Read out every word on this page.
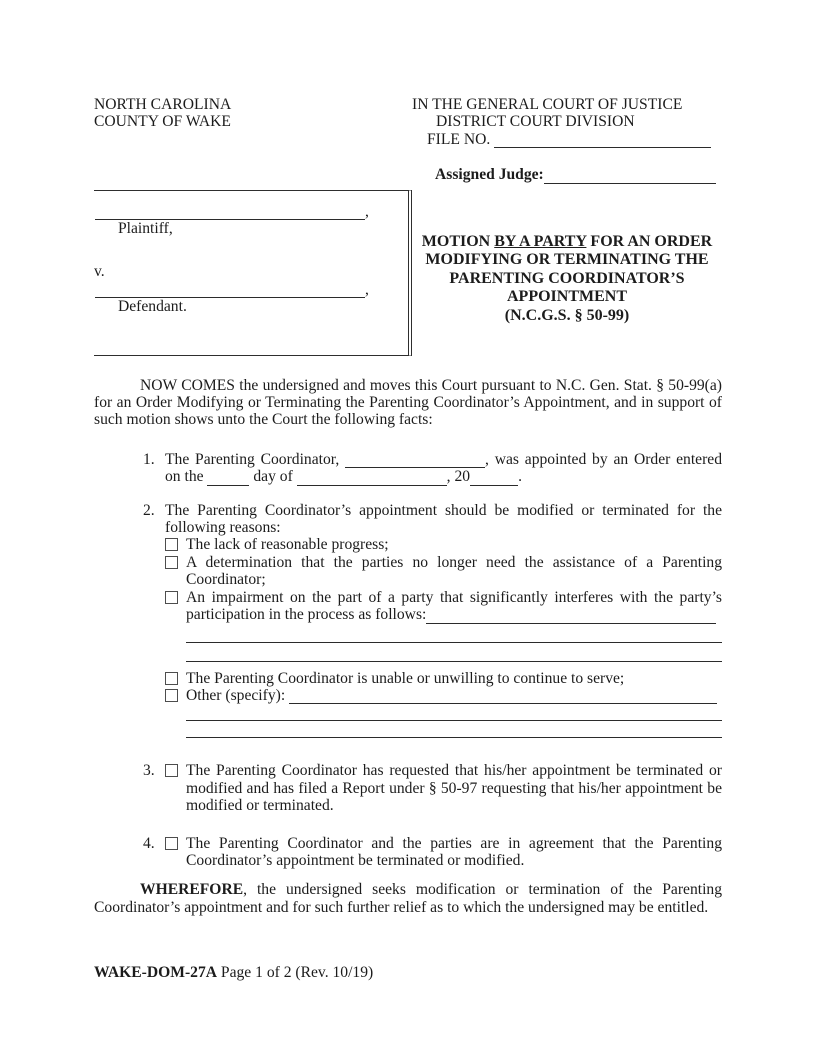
NORTH CAROLINA
COUNTY OF WAKE
IN THE GENERAL COURT OF JUSTICE
DISTRICT COURT DIVISION
FILE NO.
Assigned Judge:
,
Plaintiff,
v.
,
Defendant.
MOTION BY A PARTY FOR AN ORDER
MODIFYING OR TERMINATING THE
PARENTING COORDINATOR’S
APPOINTMENT
(N.C.G.S. § 50-99)
NOW COMES the undersigned and moves this Court pursuant to N.C. Gen. Stat. § 50-99(a) for an Order Modifying or Terminating the Parenting Coordinator’s Appointment, and in support of such motion shows unto the Court the following facts:
1. The Parenting Coordinator,	, was appointed by an Order entered on the	day of	, 20	.
2. The Parenting Coordinator’s appointment should be modified or terminated for the following reasons:
The lack of reasonable progress;
A determination that the parties no longer need the assistance of a Parenting Coordinator;
An impairment on the part of a party that significantly interferes with the party’s participation in the process as follows:
The Parenting Coordinator is unable or unwilling to continue to serve;
Other (specify):
3.	The Parenting Coordinator has requested that his/her appointment be terminated or modified and has filed a Report under § 50-97 requesting that his/her appointment be modified or terminated.
4.	The Parenting Coordinator and the parties are in agreement that the Parenting Coordinator’s appointment be terminated or modified.
WHEREFORE, the undersigned seeks modification or termination of the Parenting Coordinator’s appointment and for such further relief as to which the undersigned may be entitled.
WAKE-DOM-27A Page 1 of 2 (Rev. 10/19)
